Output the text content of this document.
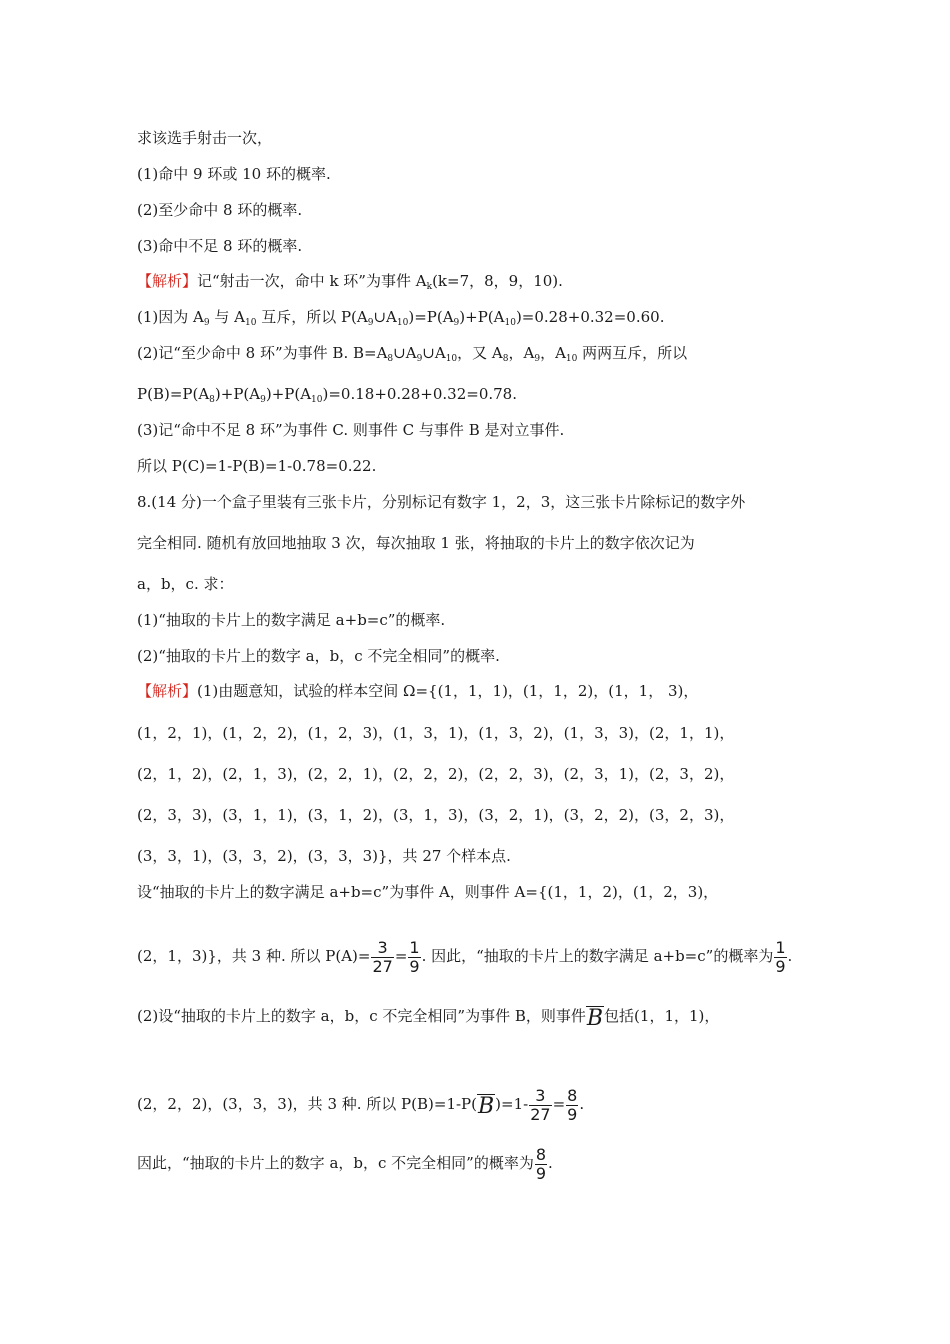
求该选手射击一次，
(1)命中 9 环或 10 环的概率.
(2)至少命中 8 环的概率.
(3)命中不足 8 环的概率.
【解析】记“射击一次，命中 k 环”为事件 $A_k(k=7$，8，9，10).
(1)因为 $A_9$ 与 $A_{10}$ 互斥，所以 $P(A_9\cup A_{10})=P(A_9)+P(A_{10})=0.28+0.32=0.60$.
(2)记“至少命中 8 环”为事件 B. $B=A_8\cup A_9\cup A_{10}$，又 $A_8$，$A_9$，$A_{10}$ 两两互斥，所以
$P(B)=P(A_8)+P(A_9)+P(A_{10})=0.18+0.28+0.32=0.78$.
(3)记“命中不足 8 环”为事件 C. 则事件 C 与事件 B 是对立事件.
所以 P(C)=1-P(B)=1-0.78=0.22.
8.(14 分)一个盒子里装有三张卡片，分别标记有数字 1，2，3，这三张卡片除标记的数字外
完全相同. 随机有放回地抽取 3 次，每次抽取 1 张，将抽取的卡片上的数字依次记为
a，b，c. 求：
(1)“抽取的卡片上的数字满足 a+b=c”的概率.
(2)“抽取的卡片上的数字 a，b，c 不完全相同”的概率.
【解析】(1)由题意知，试验的样本空间 Ω={(1，1，1)，(1，1，2)，(1，1， 3)，
(1，2，1)，(1，2，2)，(1，2，3)，(1，3，1)，(1，3，2)，(1，3，3)，(2，1，1)，
(2，1，2)，(2，1，3)，(2，2，1)，(2，2，2)，(2，2，3)，(2，3，1)，(2，3，2)，
(2，3，3)，(3，1，1)，(3，1，2)，(3，1，3)，(3，2，1)，(3，2，2)，(3，2，3)，
(3，3，1)，(3，3，2)，(3，3，3)}，共 27 个样本点.
设“抽取的卡片上的数字满足 a+b=c”为事件 A，则事件 A={(1，1，2)，(1，2，3)，
(2，1，3)}，共 3 种. 所以 $P(A)= \frac{3}{27} = \frac{1}{9}$ . 因此，“抽取的卡片上的数字满足 a+b=c”的概率为 $\frac{1}{9}$ .
(2)设“抽取的卡片上的数字 a，b，c 不完全相同”为事件 B，则事件B包括(1，1，1)，
(2，2，2)，(3，3，3)，共 3 种. 所以 $P(B)=1-P(B)=1- \frac{3}{27} = \frac{8}{9}$ .
因此，“抽取的卡片上的数字 a，b，c 不完全相同”的概率为 $\frac{8}{9}$ .
